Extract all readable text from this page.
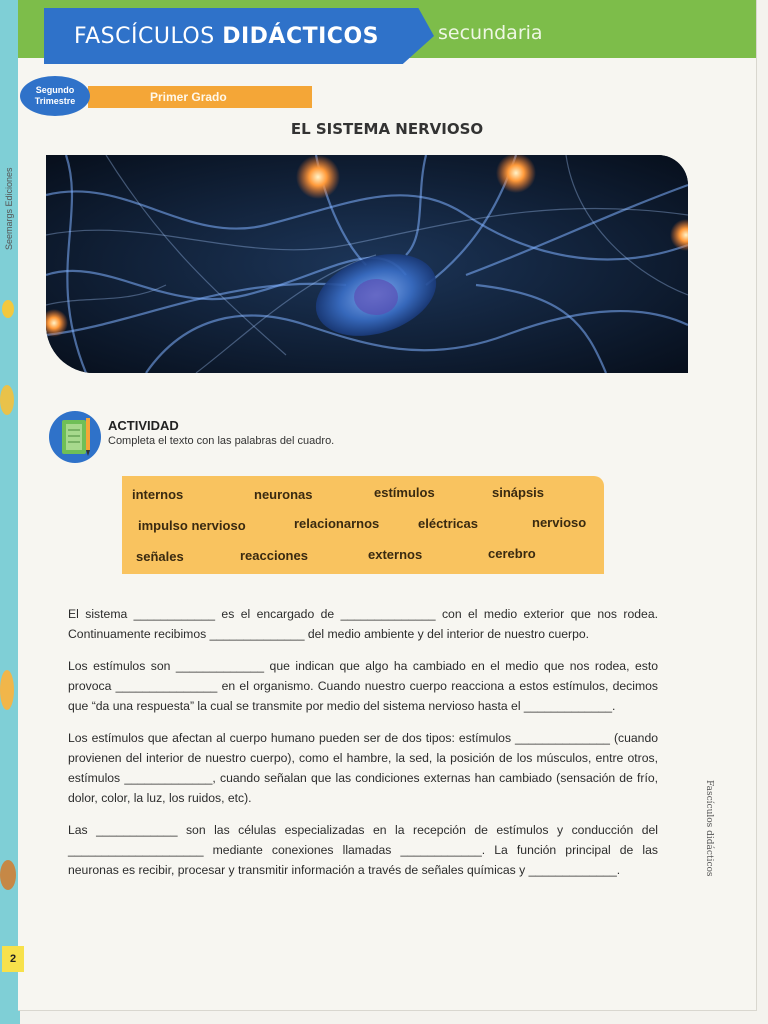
FASCÍCULOS DIDÁCTICOS	secundaria
Primer Grado
Segundo
Trimestre
EL SISTEMA NERVIOSO
ACTIVIDAD
Completa el texto con las palabras del cuadro.
internos	neuronas	estímulos	sinápsis
impulso nervioso	relacionarnos	eléctricas	nervioso
señales	reacciones	externos	cerebro

El sistema ____________ es el encargado de ______________ con el medio exterior que nos rodea. Continuamente recibimos ______________ del medio ambiente y del interior de nuestro cuerpo.

Los estímulos son _____________ que indican que algo ha cambiado en el medio que nos rodea, esto provoca _______________ en el organismo. Cuando nuestro cuerpo reacciona a estos estímulos, decimos que “da una respuesta” la cual se transmite por medio del sistema nervioso hasta el _____________.

Los estímulos que afectan al cuerpo humano pueden ser de dos tipos: estímulos ______________ (cuando provienen del interior de nuestro cuerpo), como el hambre, la sed, la posición de los músculos, entre otros, estímulos _____________, cuando señalan que las condiciones externas han cambiado (sensación de frío, dolor, color, la luz, los ruidos, etc).

Las ____________ son las células especializadas en la recepción de estímulos y conducción del ____________________ mediante conexiones llamadas ____________. La función principal de las neuronas es recibir, procesar y transmitir información a través de señales químicas y _____________.	Fascículos didácticos
Seemargs Ediciones
2
